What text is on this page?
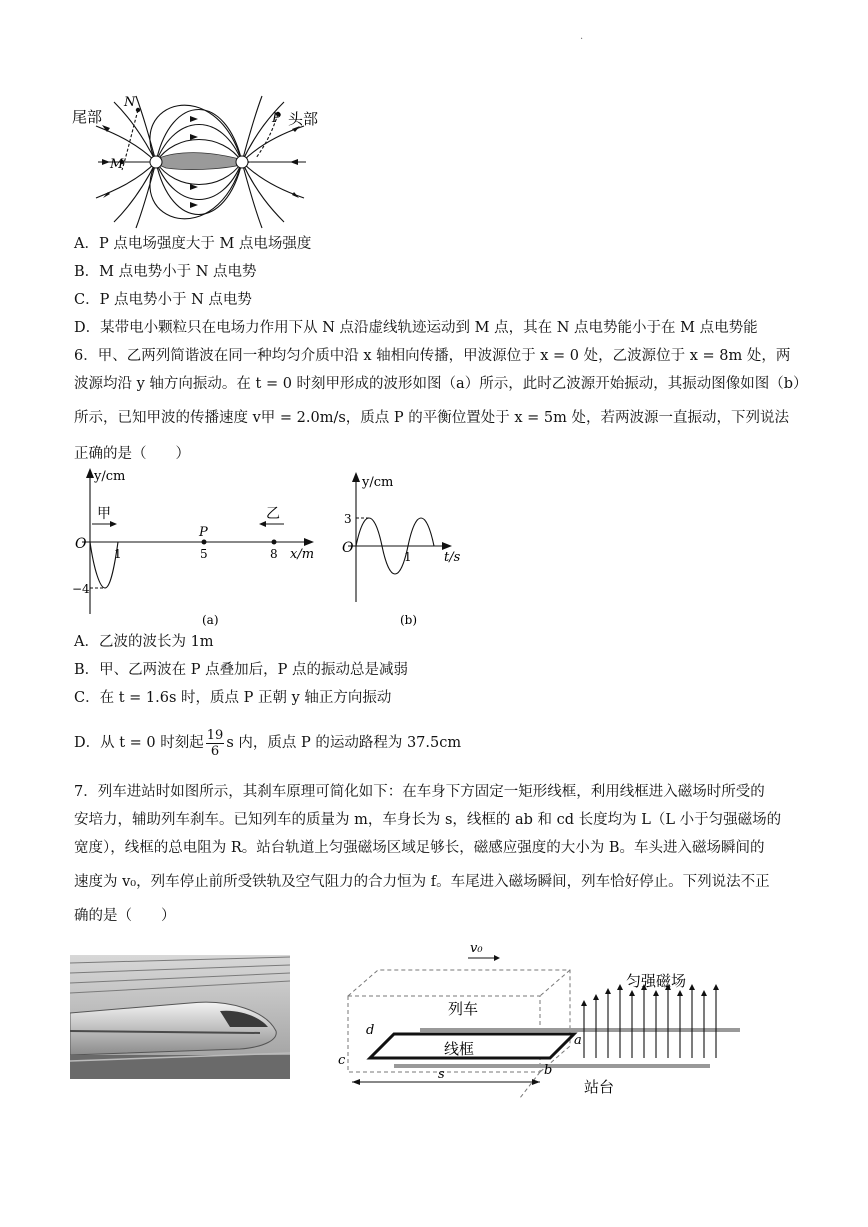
·
尾部
N
P 头部
M
A．P 点电场强度大于 M 点电场强度
B．M 点电势小于 N 点电势
C．P 点电势小于 N 点电势
D．某带电小颗粒只在电场力作用下从 N 点沿虚线轨迹运动到 M 点，其在 N 点电势能小于在 M 点电势能
6．甲、乙两列简谐波在同一种均匀介质中沿 x 轴相向传播，甲波源位于 x = 0 处，乙波源位于 x = 8m 处，两
波源均沿 y 轴方向振动。在 t = 0 时刻甲形成的波形如图（a）所示，此时乙波源开始振动，其振动图像如图（b）
所示，已知甲波的传播速度 v甲 = 2.0m/s，质点 P 的平衡位置处于 x = 5m 处，若两波源一直振动，下列说法
正确的是（　　）
y/cm
甲	乙
P
O
1	5	8 x/m
−4
(a)
y/cm
3
O
1 t/s
(b)
A．乙波的波长为 1m
B．甲、乙两波在 P 点叠加后，P 点的振动总是减弱
C．在 t = 1.6s 时，质点 P 正朝 y 轴正方向振动
D．从 t = 0 时刻起 $\frac{19}{6}$ s 内，质点 P 的运动路程为 37.5cm
7．列车进站时如图所示，其刹车原理可简化如下：在车身下方固定一矩形线框，利用线框进入磁场时所受的
安培力，辅助列车刹车。已知列车的质量为 m，车身长为 s，线框的 ab 和 cd 长度均为 L（L 小于匀强磁场的
宽度），线框的总电阻为 R。站台轨道上匀强磁场区域足够长，磁感应强度的大小为 B。车头进入磁场瞬间的
速度为 v₀，列车停止前所受铁轨及空气阻力的合力恒为 f。车尾进入磁场瞬间，列车恰好停止。下列说法不正
确的是（　　）
v₀
匀强磁场
列车
线框
站台
a
b
c
d
s
